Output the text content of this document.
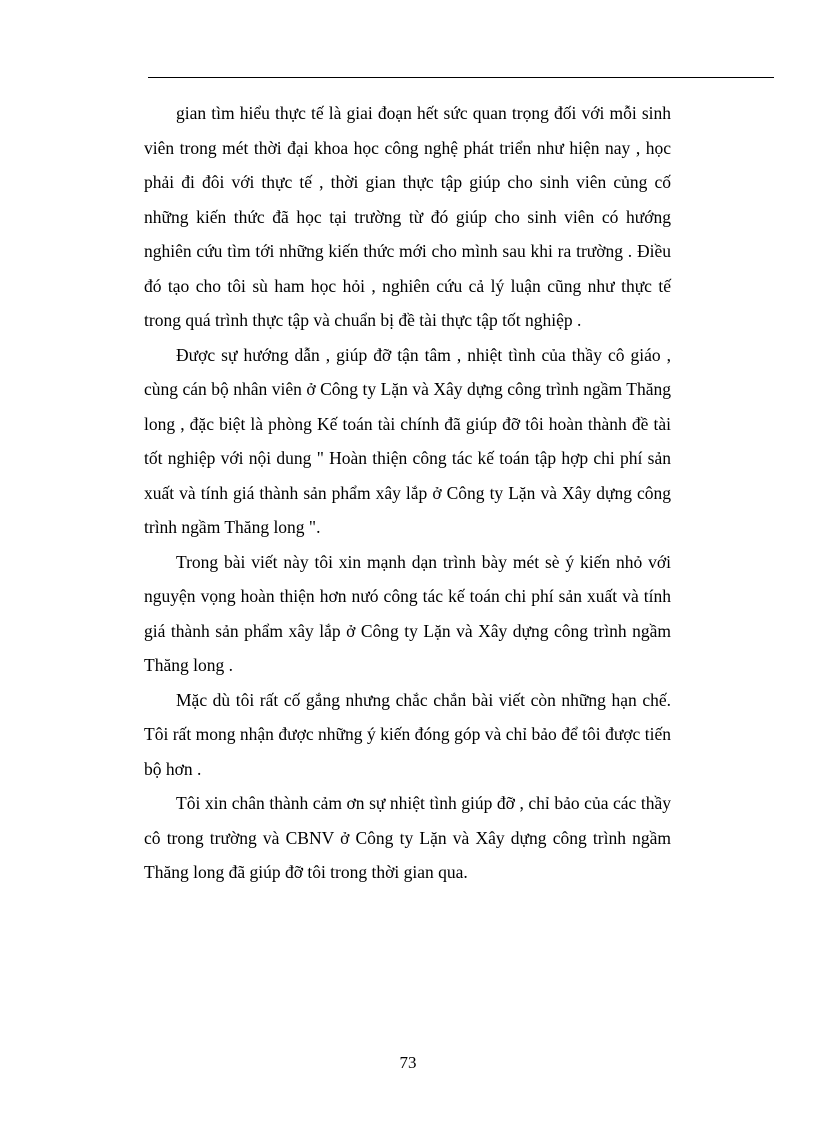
gian tìm hiểu thực tế là giai đoạn hết sức quan trọng đối với mỗi sinh viên trong mét thời đại khoa học công nghệ phát triển như hiện nay , học phải đi đôi với thực tế , thời gian thực tập giúp cho sinh viên củng cố những kiến thức đã học tại trường từ đó giúp cho sinh viên có hướng nghiên cứu tìm tới những kiến thức mới cho mình sau khi ra trường . Điều đó tạo cho tôi sù ham học hỏi , nghiên cứu cả lý luận cũng như thực tế trong quá trình thực tập và chuẩn bị đề tài thực tập tốt nghiệp .

Được sự hướng dẫn , giúp đỡ tận tâm , nhiệt tình của thầy cô giáo , cùng cán bộ nhân viên ở Công ty Lặn và Xây dựng công trình ngầm Thăng long , đặc biệt là phòng Kế toán tài chính đã giúp đỡ tôi hoàn thành đề tài tốt nghiệp với nội dung " Hoàn thiện công tác kế toán tập hợp chi phí sản xuất và tính giá thành sản phẩm xây lắp ở Công ty Lặn và Xây dựng công trình ngầm Thăng long ".

Trong bài viết này tôi xin mạnh dạn trình bày mét sè ý kiến nhỏ với nguyện vọng hoàn thiện hơn nưó công tác kế toán chi phí sản xuất và tính giá thành sản phẩm xây lắp ở Công ty Lặn và Xây dựng công trình ngầm Thăng long .

Mặc dù tôi rất cố gắng nhưng chắc chắn bài viết còn những hạn chế. Tôi rất mong nhận được những ý kiến đóng góp và chỉ bảo để tôi được tiến bộ hơn .

Tôi xin chân thành cảm ơn sự nhiệt tình giúp đỡ , chỉ bảo của các thầy cô trong trường và CBNV ở Công ty Lặn và Xây dựng công trình ngầm Thăng long đã giúp đỡ tôi trong thời gian qua.

73
